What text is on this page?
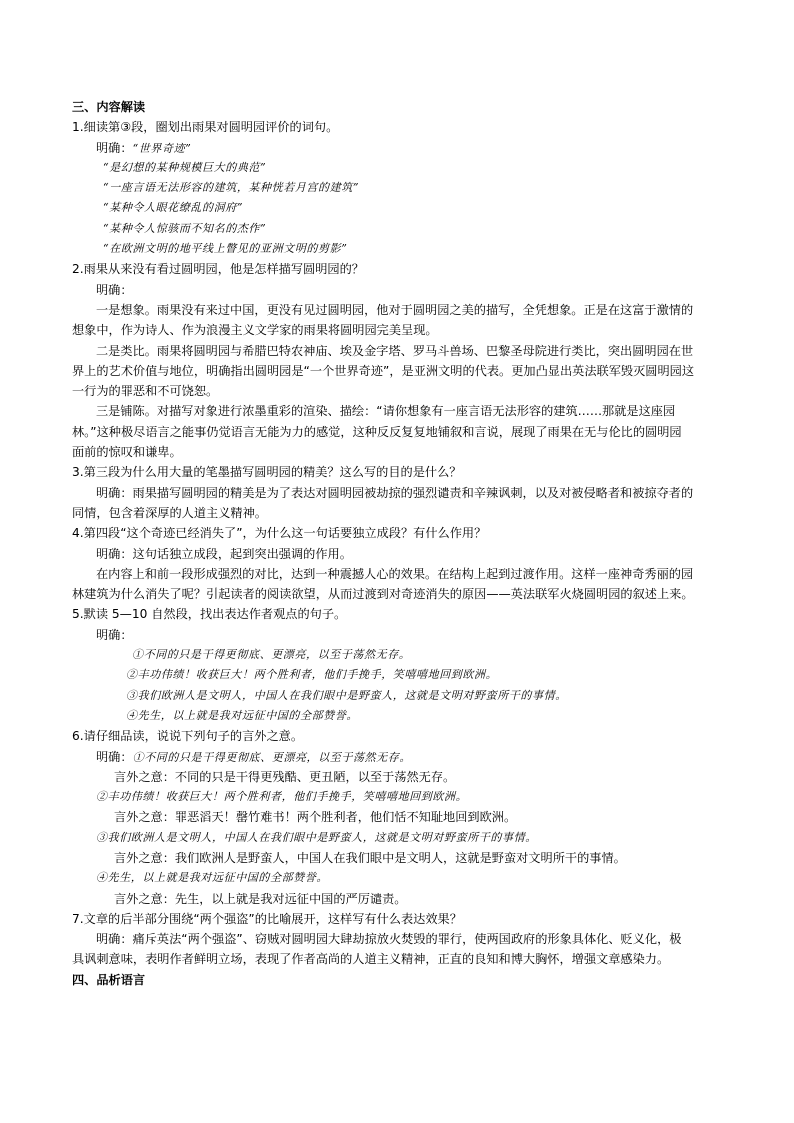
三、内容解读
1.细读第③段，圈划出雨果对圆明园评价的词句。
明确：“世界奇迹”
“是幻想的某种规模巨大的典范”
“一座言语无法形容的建筑，某种恍若月宫的建筑”
“某种令人眼花缭乱的洞府”
“某种令人惊骇而不知名的杰作”
“在欧洲文明的地平线上瞥见的亚洲文明的剪影”
2.雨果从来没有看过圆明园，他是怎样描写圆明园的？
明确：
一是想象。雨果没有来过中国，更没有见过圆明园，他对于圆明园之美的描写，全凭想象。正是在这富于激情的
想象中，作为诗人、作为浪漫主义文学家的雨果将圆明园完美呈现。
二是类比。雨果将圆明园与希腊巴特农神庙、埃及金字塔、罗马斗兽场、巴黎圣母院进行类比，突出圆明园在世
界上的艺术价值与地位，明确指出圆明园是“一个世界奇迹”，是亚洲文明的代表。更加凸显出英法联军毁灭圆明园这
一行为的罪恶和不可饶恕。
三是铺陈。对描写对象进行浓墨重彩的渲染、描绘：“请你想象有一座言语无法形容的建筑……那就是这座园
林。”这种极尽语言之能事仍觉语言无能为力的感觉，这种反反复复地铺叙和言说，展现了雨果在无与伦比的圆明园
面前的惊叹和谦卑。
3.第三段为什么用大量的笔墨描写圆明园的精美？这么写的目的是什么？
明确：雨果描写圆明园的精美是为了表达对圆明园被劫掠的强烈谴责和辛辣讽刺，以及对被侵略者和被掠夺者的
同情，包含着深厚的人道主义精神。
4.第四段“这个奇迹已经消失了”，为什么这一句话要独立成段？有什么作用？
明确：这句话独立成段，起到突出强调的作用。
在内容上和前一段形成强烈的对比，达到一种震撼人心的效果。在结构上起到过渡作用。这样一座神奇秀丽的园
林建筑为什么消失了呢？引起读者的阅读欲望，从而过渡到对奇迹消失的原因——英法联军火烧圆明园的叙述上来。
5.默读 5—10 自然段，找出表达作者观点的句子。
明确：
①不同的只是干得更彻底、更漂亮，以至于荡然无存。
②丰功伟绩！收获巨大！两个胜利者，他们手挽手，笑嘻嘻地回到欧洲。
③我们欧洲人是文明人，中国人在我们眼中是野蛮人，这就是文明对野蛮所干的事情。
④先生，以上就是我对远征中国的全部赞誉。
6.请仔细品读，说说下列句子的言外之意。
明确：①不同的只是干得更彻底、更漂亮，以至于荡然无存。
言外之意：不同的只是干得更残酷、更丑陋，以至于荡然无存。
②丰功伟绩！收获巨大！两个胜利者，他们手挽手，笑嘻嘻地回到欧洲。
言外之意：罪恶滔天！罄竹难书！两个胜利者，他们恬不知耻地回到欧洲。
③我们欧洲人是文明人，中国人在我们眼中是野蛮人，这就是文明对野蛮所干的事情。
言外之意：我们欧洲人是野蛮人，中国人在我们眼中是文明人，这就是野蛮对文明所干的事情。
④先生，以上就是我对远征中国的全部赞誉。
言外之意：先生，以上就是我对远征中国的严厉谴责。
7.文章的后半部分围绕“两个强盗”的比喻展开，这样写有什么表达效果？
明确：痛斥英法“两个强盗”、窃贼对圆明园大肆劫掠放火焚毁的罪行，使两国政府的形象具体化、贬义化，极
具讽刺意味，表明作者鲜明立场，表现了作者高尚的人道主义精神，正直的良知和博大胸怀，增强文章感染力。
四、品析语言
